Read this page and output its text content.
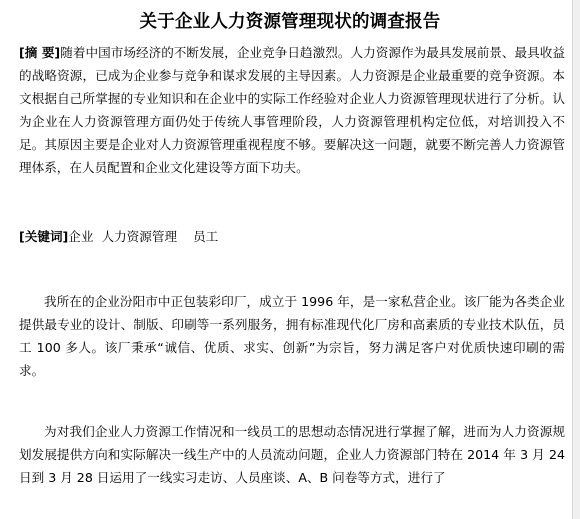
关于企业人力资源管理现状的调查报告

[摘 要]随着中国市场经济的不断发展，企业竞争日趋激烈。人力资源作为最具发展前景、最具收益的战略资源，已成为企业参与竞争和谋求发展的主导因素。人力资源是企业最重要的竞争资源。本文根据自己所掌握的专业知识和在企业中的实际工作经验对企业人力资源管理现状进行了分析。认为企业在人力资源管理方面仍处于传统人事管理阶段，人力资源管理机构定位低，对培训投入不足。其原因主要是企业对人力资源管理重视程度不够。要解决这一问题，就要不断完善人力资源管理体系，在人员配置和企业文化建设等方面下功夫。

[关键词]企业  人力资源管理    员工

我所在的企业汾阳市中正包装彩印厂，成立于 1996 年，是一家私营企业。该厂能为各类企业提供最专业的设计、制版、印刷等一系列服务，拥有标准现代化厂房和高素质的专业技术队伍，员工 100 多人。该厂秉承“诚信、优质、求实、创新”为宗旨，努力满足客户对优质快速印刷的需求。

为对我们企业人力资源工作情况和一线员工的思想动态情况进行掌握了解，进而为人力资源规划发展提供方向和实际解决一线生产中的人员流动问题，企业人力资源部门特在 2014 年 3 月 24 日到 3 月 28 日运用了一线实习走访、人员座谈、A、B 问卷等方式，进行了
